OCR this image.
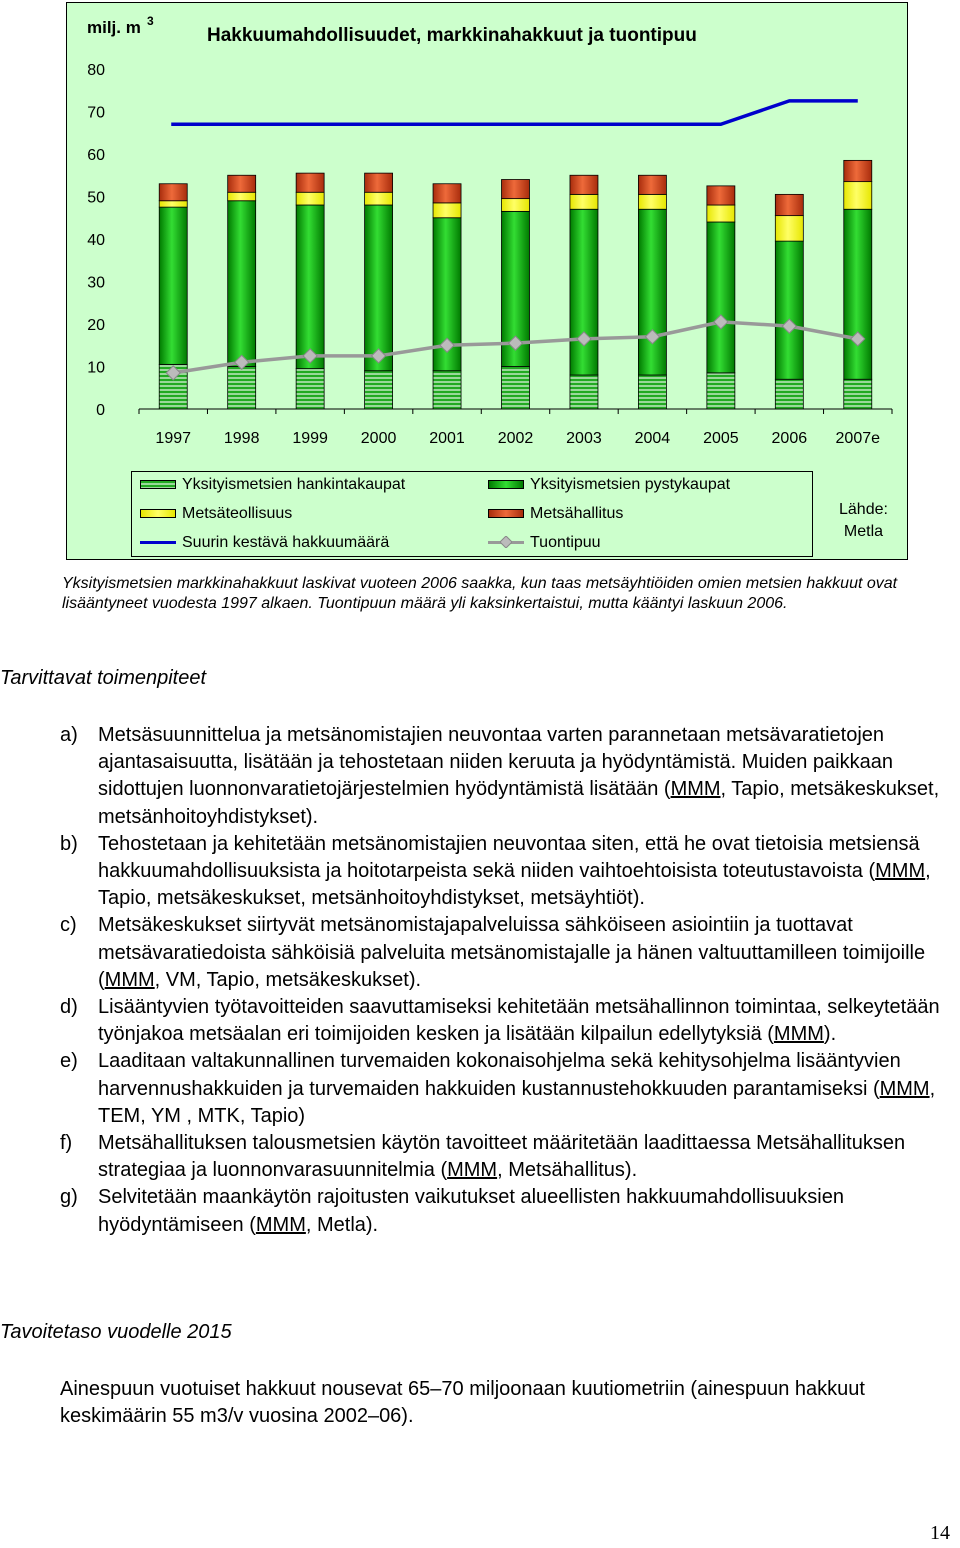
0
10
20
30
40
50
60
70
80
1997 1998 1999 2000 2001 2002 2003 2004 2005 2006 2007e
Hakkuumahdollisuudet, markkinahakkuut ja tuontipuu
milj. m 3
Yksityismetsien hankintakaupat	Yksityismetsien pystykaupat
Metsäteollisuus	Metsähallitus
Suurin kestävä hakkuumäärä	Tuontipuu
Lähde:
Metla
Yksityismetsien markkinahakkuut laskivat vuoteen 2006 saakka, kun taas metsäyhtiöiden omien metsien hakkuut ovat lisääntyneet vuodesta 1997 alkaen. Tuontipuun määrä yli kaksinkertaistui, mutta kääntyi laskuun 2006.
Tarvittavat toimenpiteet
a) Metsäsuunnittelua ja metsänomistajien neuvontaa varten parannetaan metsävaratietojen ajantasaisuutta, lisätään ja tehostetaan niiden keruuta ja hyödyntämistä. Muiden paikkaan sidottujen luonnonvaratietojärjestelmien hyödyntämistä lisätään (MMM, Tapio, metsäkeskukset, metsänhoitoyhdistykset).
b) Tehostetaan ja kehitetään metsänomistajien neuvontaa siten, että he ovat tietoisia metsiensä hakkuumahdollisuuksista ja hoitotarpeista sekä niiden vaihtoehtoisista toteutustavoista (MMM, Tapio, metsäkeskukset, metsänhoitoyhdistykset, metsäyhtiöt).
c) Metsäkeskukset siirtyvät metsänomistajapalveluissa sähköiseen asiointiin ja tuottavat metsävaratiedoista sähköisiä palveluita metsänomistajalle ja hänen valtuuttamilleen toimijoille (MMM, VM, Tapio, metsäkeskukset).
d) Lisääntyvien työtavoitteiden saavuttamiseksi kehitetään metsähallinnon toimintaa, selkeytetään työnjakoa metsäalan eri toimijoiden kesken ja lisätään kilpailun edellytyksiä (MMM).
e) Laaditaan valtakunnallinen turvemaiden kokonaisohjelma sekä kehitysohjelma lisääntyvien harvennushakkuiden ja turvemaiden hakkuiden kustannustehokkuuden parantamiseksi (MMM, TEM, YM , MTK, Tapio)
f) Metsähallituksen talousmetsien käytön tavoitteet määritetään laadittaessa Metsähallituksen strategiaa ja luonnonvarasuunnitelmia (MMM, Metsähallitus).
g) Selvitetään maankäytön rajoitusten vaikutukset alueellisten hakkuumahdollisuuksien hyödyntämiseen (MMM, Metla).
Tavoitetaso vuodelle 2015
Ainespuun vuotuiset hakkuut nousevat 65–70 miljoonaan kuutiometriin (ainespuun hakkuut keskimäärin 55 m3/v vuosina 2002–06).
14
